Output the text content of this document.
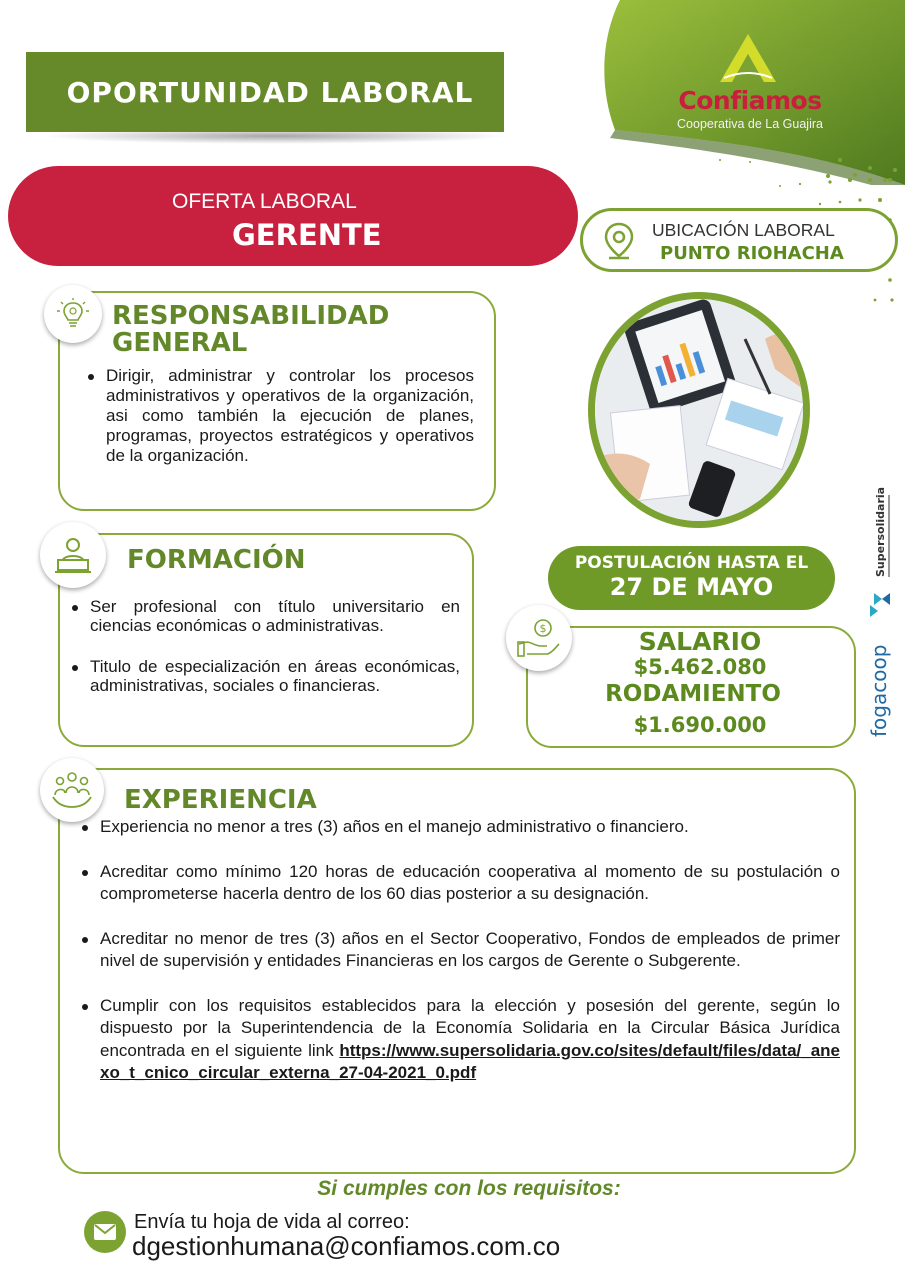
Confiamos
Cooperativa de La Guajira
OPORTUNIDAD LABORAL
OFERTA LABORAL
GERENTE	UBICACIÓN LABORAL
PUNTO RIOHACHA
RESPONSABILIDAD
GENERAL
Dirigir, administrar y controlar los procesos administrativos y operativos de la organización, asi como también la ejecución de planes, programas, proyectos estratégicos y operativos de la organización.
FORMACIÓN
Ser profesional con título universitario en ciencias económicas o administrativas.
Titulo de especialización en áreas económicas, administrativas, sociales o financieras.
POSTULACIÓN HASTA EL
27 DE MAYO
$	SALARIO
$5.462.080
RODAMIENTO
$1.690.000
Supersolidaria
fogacoop
EXPERIENCIA
Experiencia no menor a tres (3) años en el manejo administrativo o financiero.
Acreditar como mínimo 120 horas de educación cooperativa al momento de su postulación o comprometerse hacerla dentro de los 60 dias posterior a su designación.
Acreditar no menor de tres (3) años en el Sector Cooperativo, Fondos de empleados de primer nivel de supervisión y entidades Financieras en los cargos de Gerente o Subgerente.
Cumplir con los requisitos establecidos para la elección y posesión del gerente, según lo dispuesto por la Superintendencia de la Economía Solidaria en la Circular Básica Jurídica encontrada en el siguiente link https://www.supersolidaria.gov.co/sites/default/files/data/_anexo_t_cnico_circular_externa_27-04-2021_0.pdf
Si cumples con los requisitos:
Envía tu hoja de vida al correo:
dgestionhumana@confiamos.com.co
